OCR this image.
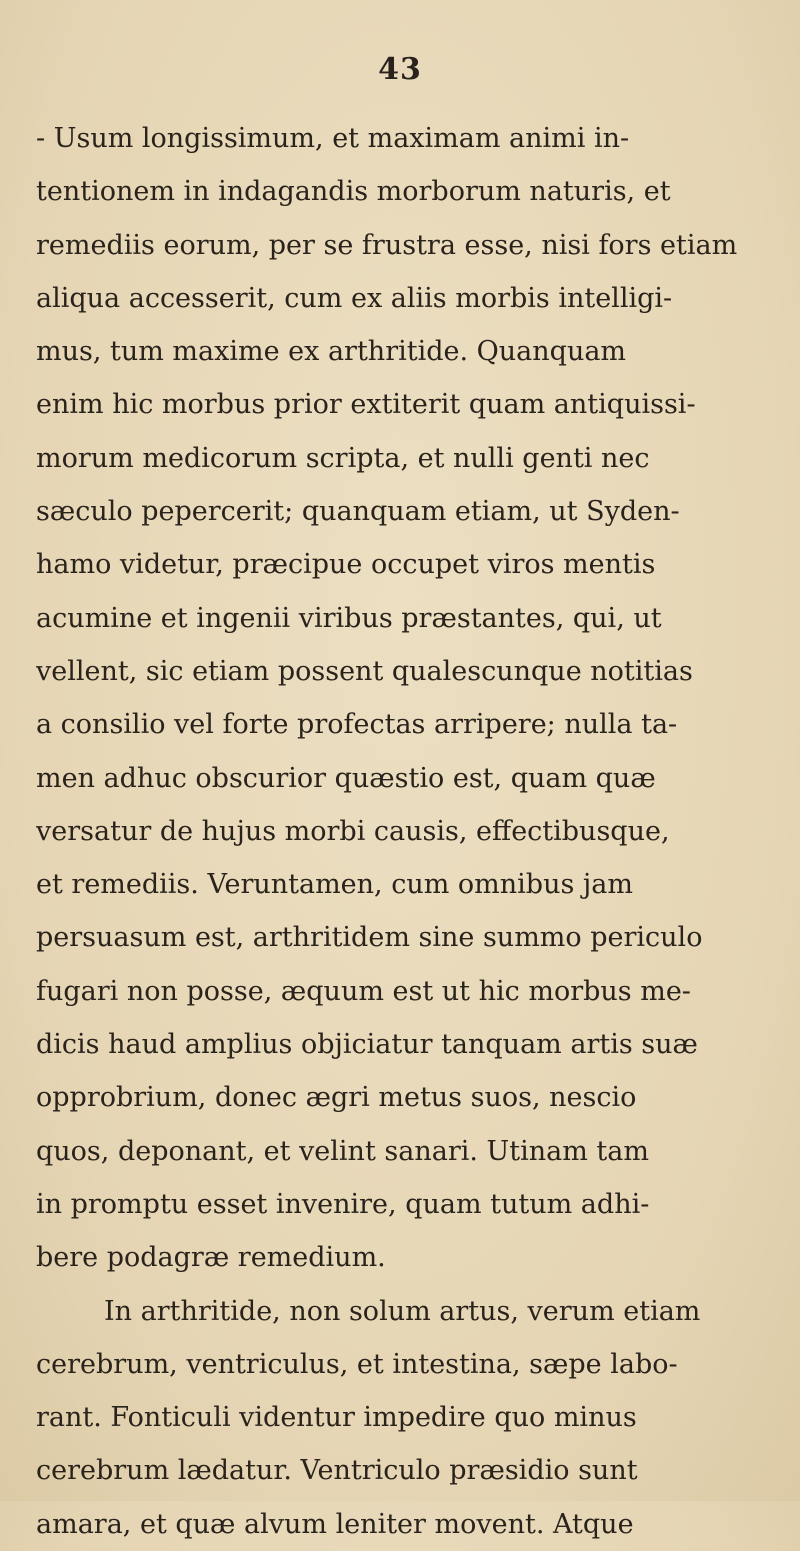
43
- Usum longissimum, et maximam animi in-
tentionem in indagandis morborum naturis, et
remediis eorum, per se frustra esse, nisi fors etiam
aliqua accesserit, cum ex aliis morbis intelligi-
mus, tum maxime ex arthritide. Quanquam
enim hic morbus prior extiterit quam antiquissi-
morum medicorum scripta, et nulli genti nec
sæculo pepercerit; quanquam etiam, ut Syden-
hamo videtur, præcipue occupet viros mentis
acumine et ingenii viribus præstantes, qui, ut
vellent, sic etiam possent qualescunque notitias
a consilio vel forte profectas arripere; nulla ta-
men adhuc obscurior quæstio est, quam quæ
versatur de hujus morbi causis, effectibusque,
et remediis. Veruntamen, cum omnibus jam
persuasum est, arthritidem sine summo periculo
fugari non posse, æquum est ut hic morbus me-
dicis haud amplius objiciatur tanquam artis suæ
opprobrium, donec ægri metus suos, nescio
quos, deponant, et velint sanari. Utinam tam
in promptu esset invenire, quam tutum adhi-
bere podagræ remedium.
In arthritide, non solum artus, verum etiam
cerebrum, ventriculus, et intestina, sæpe labo-
rant. Fonticuli videntur impedire quo minus
cerebrum lædatur. Ventriculo præsidio sunt
amara, et quæ alvum leniter movent. Atque
